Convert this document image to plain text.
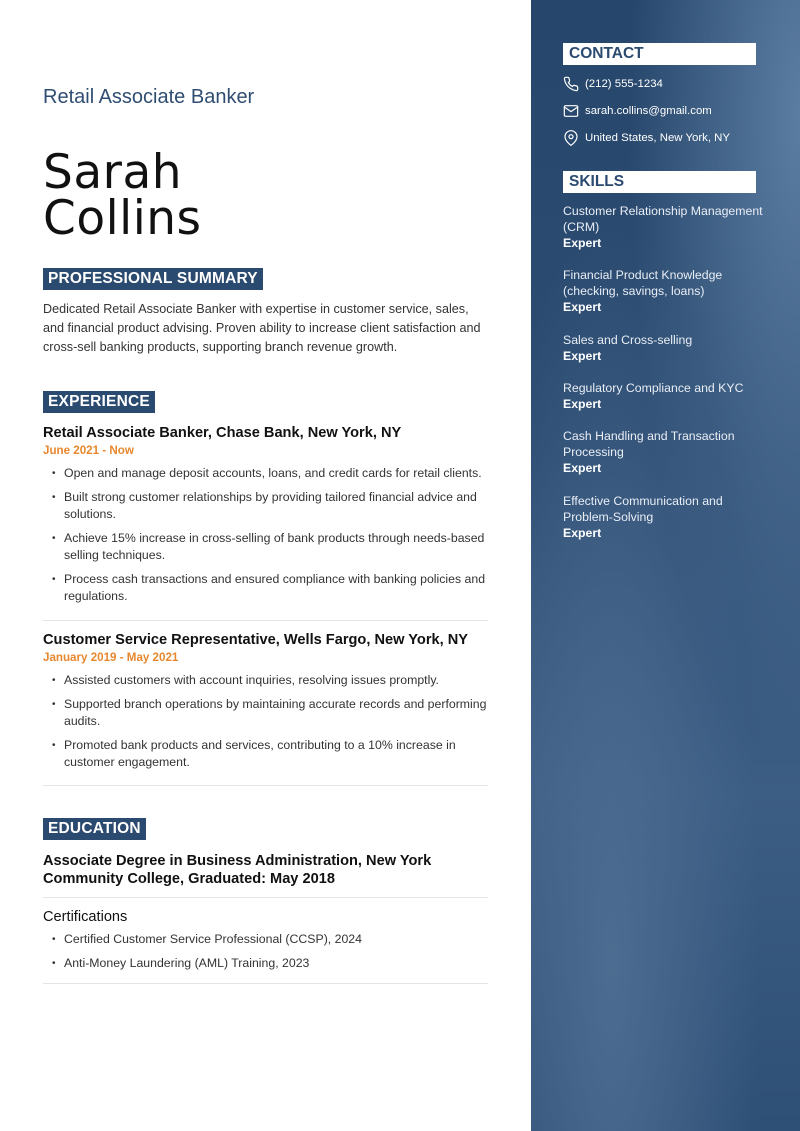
Retail Associate Banker
Sarah
Collins
PROFESSIONAL SUMMARY
Dedicated Retail Associate Banker with expertise in customer service, sales,
and financial product advising. Proven ability to increase client satisfaction and
cross-sell banking products, supporting branch revenue growth.
EXPERIENCE
Retail Associate Banker, Chase Bank, New York, NY
June 2021 - Now
• Open and manage deposit accounts, loans, and credit cards for retail clients.
• Built strong customer relationships by providing tailored financial advice and solutions.
• Achieve 15% increase in cross-selling of bank products through needs-based selling techniques.
• Process cash transactions and ensured compliance with banking policies and regulations.
Customer Service Representative, Wells Fargo, New York, NY
January 2019 - May 2021
• Assisted customers with account inquiries, resolving issues promptly.
• Supported branch operations by maintaining accurate records and performing audits.
• Promoted bank products and services, contributing to a 10% increase in customer engagement.
EDUCATION
Associate Degree in Business Administration, New York Community College, Graduated: May 2018
Certifications
• Certified Customer Service Professional (CCSP), 2024
• Anti-Money Laundering (AML) Training, 2023
CONTACT
(212) 555-1234
sarah.collins@gmail.com
United States, New York, NY
SKILLS
Customer Relationship Management (CRM)
Expert
Financial Product Knowledge (checking, savings, loans)
Expert
Sales and Cross-selling
Expert
Regulatory Compliance and KYC
Expert
Cash Handling and Transaction Processing
Expert
Effective Communication and Problem-Solving
Expert
